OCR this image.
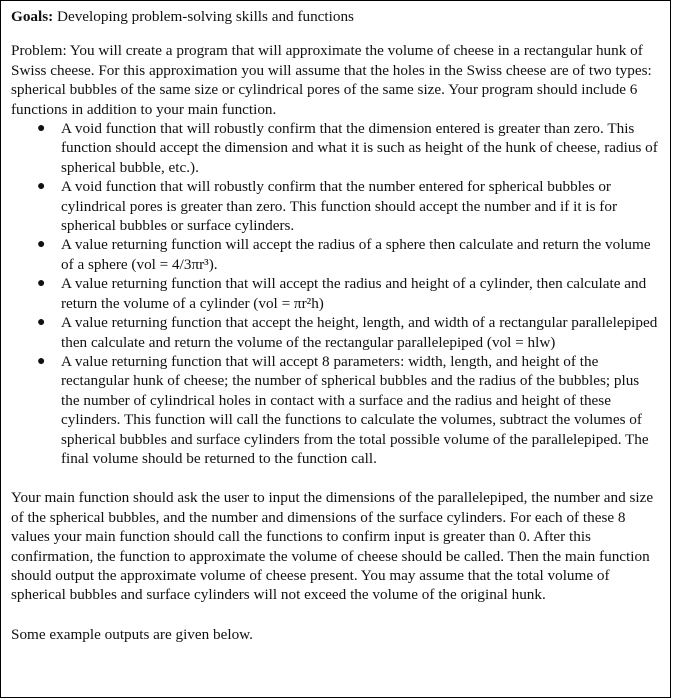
Goals: Developing problem-solving skills and functions

Problem: You will create a program that will approximate the volume of cheese in a rectangular hunk of Swiss cheese. For this approximation you will assume that the holes in the Swiss cheese are of two types: spherical bubbles of the same size or cylindrical pores of the same size. Your program should include 6 functions in addition to your main function.

● A void function that will robustly confirm that the dimension entered is greater than zero. This function should accept the dimension and what it is such as height of the hunk of cheese, radius of spherical bubble, etc.).
● A void function that will robustly confirm that the number entered for spherical bubbles or cylindrical pores is greater than zero. This function should accept the number and if it is for spherical bubbles or surface cylinders.
● A value returning function will accept the radius of a sphere then calculate and return the volume of a sphere (vol = 4/3πr³).
● A value returning function that will accept the radius and height of a cylinder, then calculate and return the volume of a cylinder (vol = πr²h)
● A value returning function that accept the height, length, and width of a rectangular parallelepiped then calculate and return the volume of the rectangular parallelepiped (vol = hlw)
● A value returning function that will accept 8 parameters: width, length, and height of the rectangular hunk of cheese; the number of spherical bubbles and the radius of the bubbles; plus the number of cylindrical holes in contact with a surface and the radius and height of these cylinders. This function will call the functions to calculate the volumes, subtract the volumes of spherical bubbles and surface cylinders from the total possible volume of the parallelepiped. The final volume should be returned to the function call.

Your main function should ask the user to input the dimensions of the parallelepiped, the number and size of the spherical bubbles, and the number and dimensions of the surface cylinders. For each of these 8 values your main function should call the functions to confirm input is greater than 0. After this confirmation, the function to approximate the volume of cheese should be called. Then the main function should output the approximate volume of cheese present. You may assume that the total volume of spherical bubbles and surface cylinders will not exceed the volume of the original hunk.

Some example outputs are given below.
